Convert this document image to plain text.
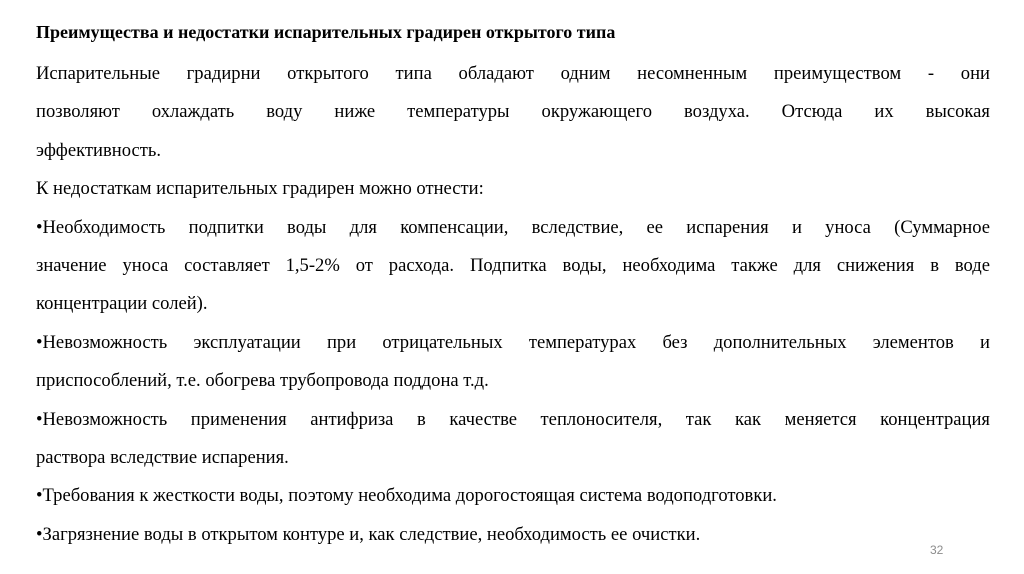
Преимущества и недостатки испарительных градирен открытого типа
Испарительные градирни открытого типа обладают одним несомненным преимуществом - они
позволяют охлаждать воду ниже температуры окружающего воздуха. Отсюда их высокая
эффективность.
К недостаткам испарительных градирен можно отнести:
•Необходимость подпитки воды для компенсации, вследствие, ее испарения и уноса (Суммарное
значение уноса составляет 1,5-2% от расхода. Подпитка воды, необходима также для снижения в воде
концентрации солей).
•Невозможность эксплуатации при отрицательных температурах без дополнительных элементов и
приспособлений, т.е. обогрева трубопровода поддона т.д.
•Невозможность применения антифриза в качестве теплоносителя, так как меняется концентрация
раствора вследствие испарения.
•Требования к жесткости воды, поэтому необходима дорогостоящая система водоподготовки.
•Загрязнение воды в открытом контуре и, как следствие, необходимость ее очистки.
32
